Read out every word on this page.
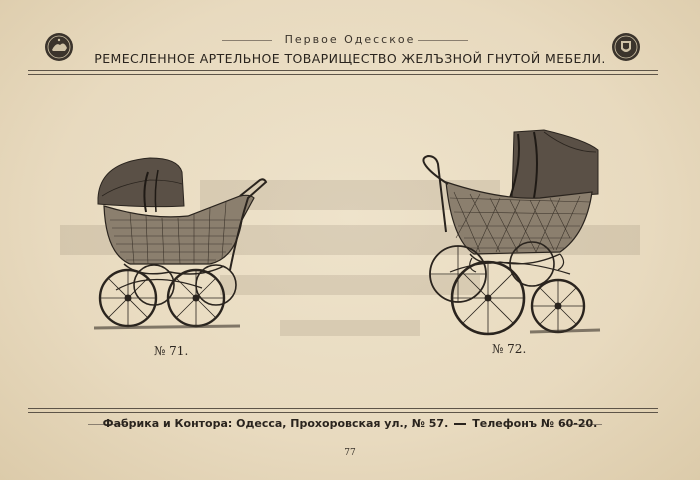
Первое Одесское
РЕМЕСЛЕННОЕ АРТЕЛЬНОЕ ТОВАРИЩЕСТВО ЖЕЛЪЗНОЙ ГНУТОЙ МЕБЕЛИ.
№ 71.	№ 72.
Фабрика и Контора: Одесса, Прохоровская ул., № 57. Телефонъ № 60-20.
77
